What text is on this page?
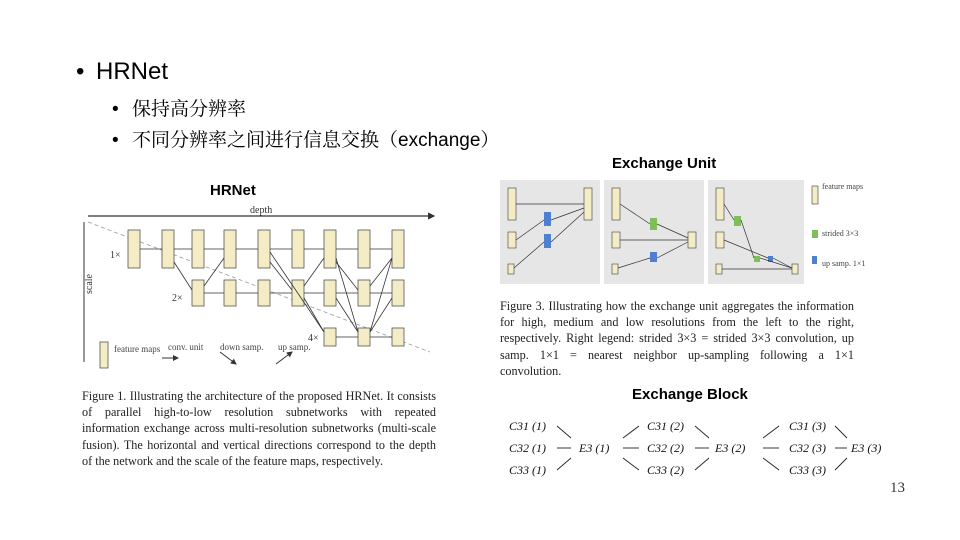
• HRNet
• 保持高分辨率
• 不同分辨率之间进行信息交换（exchange）
Exchange Unit
HRNet
depth
scale
1×
2×
4×
feature maps conv. unit down samp. up samp.
Figure 1. Illustrating the architecture of the proposed HRNet. It consists of parallel high-to-low resolution subnetworks with repeated information exchange across multi-resolution subnetworks (multi-scale fusion). The horizontal and vertical directions correspond to the depth of the network and the scale of the feature maps, respectively.
feature maps
strided 3×3
up samp. 1×1
Figure 3. Illustrating how the exchange unit aggregates the information for high, medium and low resolutions from the left to the right, respectively. Right legend: strided 3×3 = strided 3×3 convolution, up samp. 1×1 = nearest neighbor up-sampling following a 1×1 convolution.
Exchange Block
C31 (1)
C32 (1)
C33 (1)
E3 (1)
C31 (2)
C32 (2)
C33 (2)
E3 (2)
C31 (3)
C32 (3)
C33 (3)
E3 (3)
13
